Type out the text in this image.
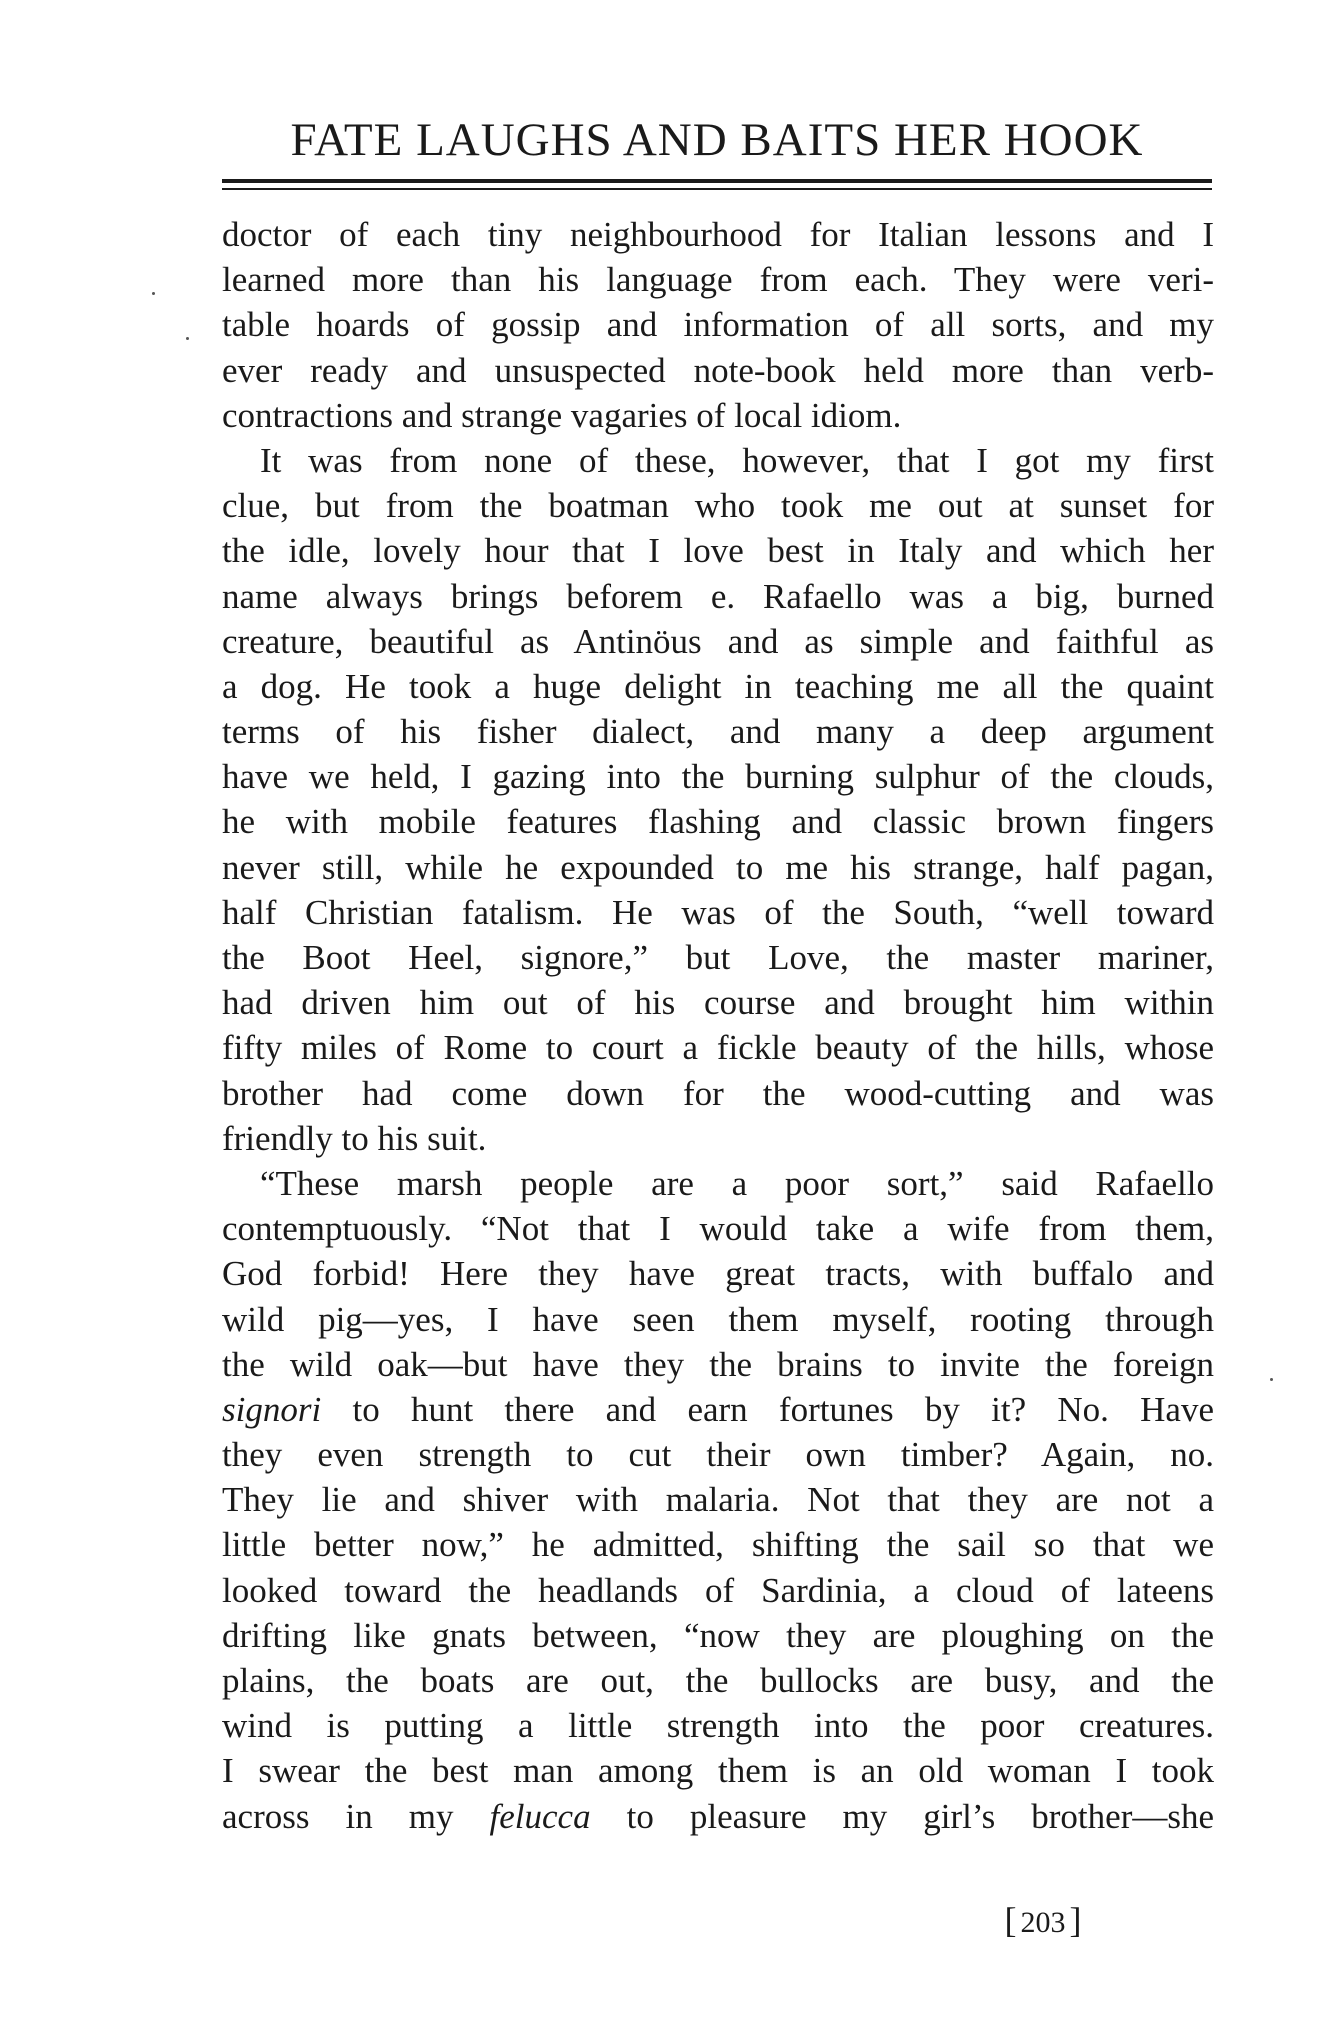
FATE LAUGHS AND BAITS HER HOOK
doctor of each tiny neighbourhood for Italian lessons and I
learned more than his language from each. They were veri-
table hoards of gossip and information of all sorts, and my
ever ready and unsuspected note-book held more than verb-
contractions and strange vagaries of local idiom.
It was from none of these, however, that I got my first
clue, but from the boatman who took me out at sunset for
the idle, lovely hour that I love best in Italy and which her
name always brings beforem e. Rafaello was a big, burned
creature, beautiful as Antinöus and as simple and faithful as
a dog. He took a huge delight in teaching me all the quaint
terms of his fisher dialect, and many a deep argument
have we held, I gazing into the burning sulphur of the clouds,
he with mobile features flashing and classic brown fingers
never still, while he expounded to me his strange, half pagan,
half Christian fatalism. He was of the South, “well toward
the Boot Heel, signore,” but Love, the master mariner,
had driven him out of his course and brought him within
fifty miles of Rome to court a fickle beauty of the hills, whose
brother had come down for the wood-cutting and was
friendly to his suit.
“These marsh people are a poor sort,” said Rafaello
contemptuously. “Not that I would take a wife from them,
God forbid! Here they have great tracts, with buffalo and
wild pig—yes, I have seen them myself, rooting through
the wild oak—but have they the brains to invite the foreign
signori to hunt there and earn fortunes by it? No. Have
they even strength to cut their own timber? Again, no.
They lie and shiver with malaria. Not that they are not a
little better now,” he admitted, shifting the sail so that we
looked toward the headlands of Sardinia, a cloud of lateens
drifting like gnats between, “now they are ploughing on the
plains, the boats are out, the bullocks are busy, and the
wind is putting a little strength into the poor creatures.
I swear the best man among them is an old woman I took
across in my felucca to pleasure my girl’s brother—she
[ 203 ]
